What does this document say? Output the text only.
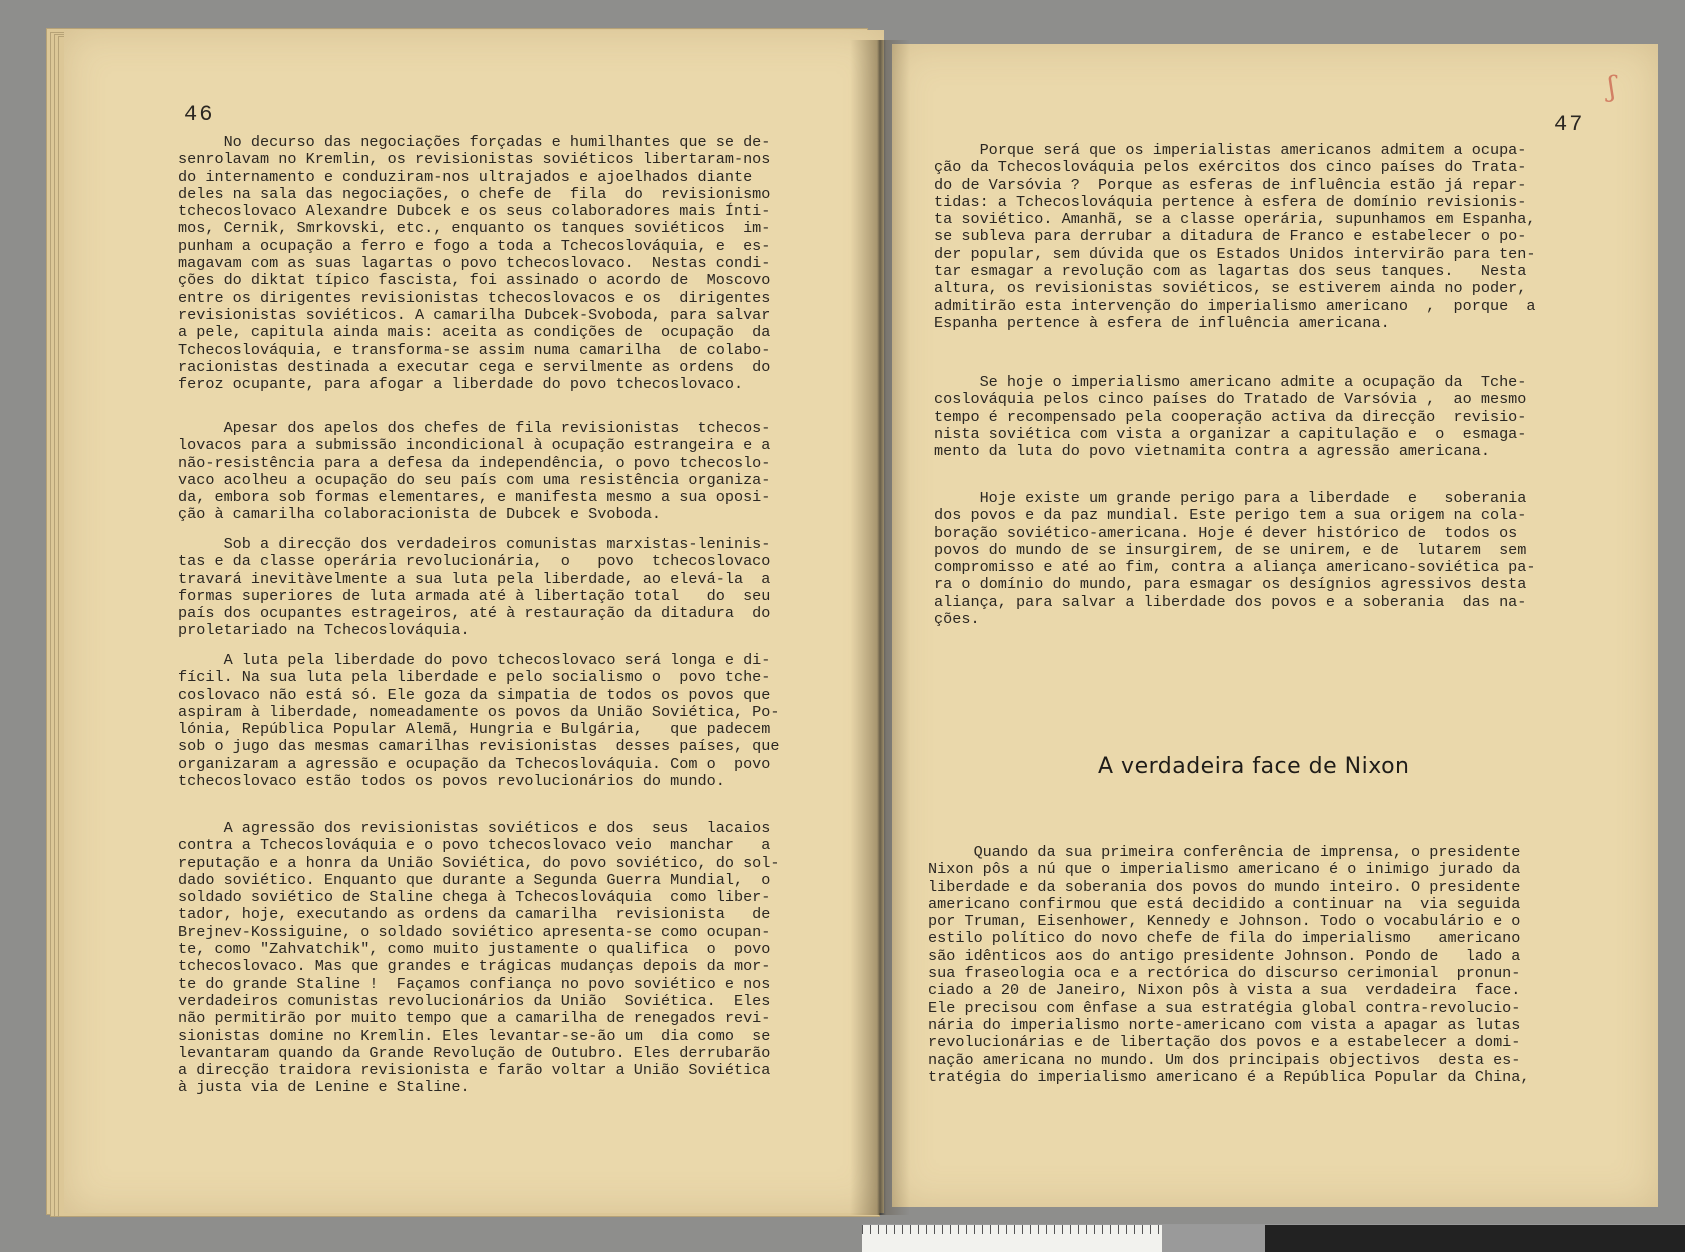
46
No decurso das negociações forçadas e humilhantes que se de-
senrolavam no Kremlin, os revisionistas soviéticos libertaram-nos
do internamento e conduziram-nos ultrajados e ajoelhados diante
deles na sala das negociações, o chefe de  fila  do  revisionismo
tchecoslovaco Alexandre Dubcek e os seus colaboradores mais Ínti-
mos, Cernik, Smrkovski, etc., enquanto os tanques soviéticos  im-
punham a ocupação a ferro e fogo a toda a Tchecoslováquia, e  es-
magavam com as suas lagartas o povo tchecoslovaco.  Nestas condi-
ções do diktat típico fascista, foi assinado o acordo de  Moscovo
entre os dirigentes revisionistas tchecoslovacos e os  dirigentes
revisionistas soviéticos. A camarilha Dubcek-Svoboda, para salvar
a pele, capitula ainda mais: aceita as condições de  ocupação  da
Tchecoslováquia, e transforma-se assim numa camarilha  de colabo-
racionistas destinada a executar cega e servilmente as ordens  do
feroz ocupante, para afogar a liberdade do povo tchecoslovaco.
Apesar dos apelos dos chefes de fila revisionistas  tchecos-
lovacos para a submissão incondicional à ocupação estrangeira e a
não-resistência para a defesa da independência, o povo tchecoslo-
vaco acolheu a ocupação do seu país com uma resistência organiza-
da, embora sob formas elementares, e manifesta mesmo a sua oposi-
ção à camarilha colaboracionista de Dubcek e Svoboda.
Sob a direcção dos verdadeiros comunistas marxistas-leninis-
tas e da classe operária revolucionária,  o   povo  tchecoslovaco
travará inevitàvelmente a sua luta pela liberdade, ao elevá-la  a
formas superiores de luta armada até à libertação total   do  seu
país dos ocupantes estrageiros, até à restauração da ditadura  do
proletariado na Tchecoslováquia.
A luta pela liberdade do povo tchecoslovaco será longa e di-
fícil. Na sua luta pela liberdade e pelo socialismo o  povo tche-
coslovaco não está só. Ele goza da simpatia de todos os povos que
aspiram à liberdade, nomeadamente os povos da União Soviética, Po-
lónia, República Popular Alemã, Hungria e Bulgária,   que padecem
sob o jugo das mesmas camarilhas revisionistas  desses países, que
organizaram a agressão e ocupação da Tchecoslováquia. Com o  povo
tchecoslovaco estão todos os povos revolucionários do mundo.
A agressão dos revisionistas soviéticos e dos  seus  lacaios
contra a Tchecoslováquia e o povo tchecoslovaco veio  manchar   a
reputação e a honra da União Soviética, do povo soviético, do sol-
dado soviético. Enquanto que durante a Segunda Guerra Mundial,  o
soldado soviético de Staline chega à Tchecoslováquia  como liber-
tador, hoje, executando as ordens da camarilha  revisionista   de
Brejnev-Kossiguine, o soldado soviético apresenta-se como ocupan-
te, como "Zahvatchik", como muito justamente o qualifica  o  povo
tchecoslovaco. Mas que grandes e trágicas mudanças depois da mor-
te do grande Staline !  Façamos confiança no povo soviético e nos
verdadeiros comunistas revolucionários da União  Soviética.  Eles
não permitirão por muito tempo que a camarilha de renegados revi-
sionistas domine no Kremlin. Eles levantar-se-ão um  dia como  se
levantaram quando da Grande Revolução de Outubro. Eles derrubarão
a direcção traidora revisionista e farão voltar a União Soviética
à justa via de Lenine e Staline.
47
Porque será que os imperialistas americanos admitem a ocupa-
ção da Tchecoslováquia pelos exércitos dos cinco países do Trata-
do de Varsóvia ?  Porque as esferas de influência estão já repar-
tidas: a Tchecoslováquia pertence à esfera de domínio revisionis-
ta soviético. Amanhã, se a classe operária, supunhamos em Espanha,
se subleva para derrubar a ditadura de Franco e estabelecer o po-
der popular, sem dúvida que os Estados Unidos intervirão para ten-
tar esmagar a revolução com as lagartas dos seus tanques.   Nesta
altura, os revisionistas soviéticos, se estiverem ainda no poder,
admitirão esta intervenção do imperialismo americano  ,  porque  a
Espanha pertence à esfera de influência americana.
Se hoje o imperialismo americano admite a ocupação da  Tche-
coslováquia pelos cinco países do Tratado de Varsóvia ,  ao mesmo
tempo é recompensado pela cooperação activa da direcção  revisio-
nista soviética com vista a organizar a capitulação e  o  esmaga-
mento da luta do povo vietnamita contra a agressão americana.
Hoje existe um grande perigo para a liberdade  e   soberania
dos povos e da paz mundial. Este perigo tem a sua origem na cola-
boração soviético-americana. Hoje é dever histórico de  todos os
povos do mundo de se insurgirem, de se unirem, e de  lutarem  sem
compromisso e até ao fim, contra a aliança americano-soviética pa-
ra o domínio do mundo, para esmagar os desígnios agressivos desta
aliança, para salvar a liberdade dos povos e a soberania  das na-
ções.
A verdadeira face de Nixon
Quando da sua primeira conferência de imprensa, o presidente
Nixon pôs a nú que o imperialismo americano é o inimigo jurado da
liberdade e da soberania dos povos do mundo inteiro. O presidente
americano confirmou que está decidido a continuar na  via seguida
por Truman, Eisenhower, Kennedy e Johnson. Todo o vocabulário e o
estilo político do novo chefe de fila do imperialismo   americano
são idênticos aos do antigo presidente Johnson. Pondo de   lado a
sua fraseologia oca e a rectórica do discurso cerimonial  pronun-
ciado a 20 de Janeiro, Nixon pôs à vista a sua  verdadeira  face.
Ele precisou com ênfase a sua estratégia global contra-revolucio-
nária do imperialismo norte-americano com vista a apagar as lutas
revolucionárias e de libertação dos povos e a estabelecer a domi-
nação americana no mundo. Um dos principais objectivos  desta es-
tratégia do imperialismo americano é a República Popular da China,
ʃ
